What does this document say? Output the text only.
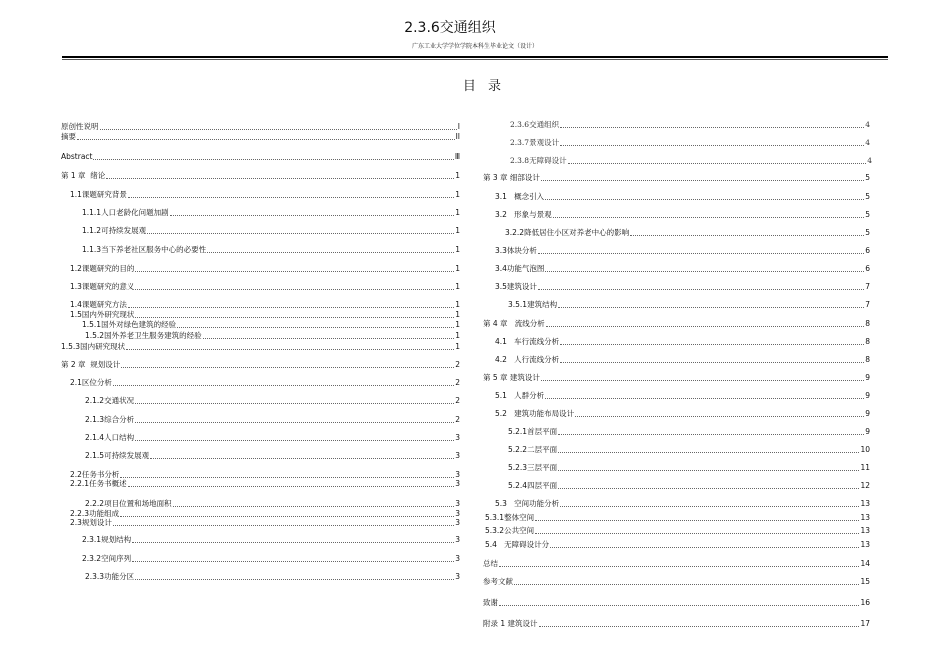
2.3.6交通组织
广东工业大学学位学院本科生毕业论文（设计）
目 录
原创性说明	I
摘要	II
Abstract	Ⅲ
第 1 章  绪论	1
1.1课题研究背景	1
1.1.1人口老龄化问题加剧	1
1.1.2可持续发展观	1
1.1.3当下养老社区服务中心的必要性	1
1.2课题研究的目的	1
1.3课题研究的意义	1
1.4课题研究方法	1
1.5国内外研究现状	1
1.5.1国外对绿色建筑的经验	1
1.5.2国外养老卫生服务建筑的经验	1
1.5.3国内研究现状	1
第 2 章  规划设计	2
2.1区位分析	2
2.1.2交通状况	2
2.1.3综合分析	2
2.1.4人口结构	3
2.1.5可持续发展观	3
2.2任务书分析	3
2.2.1任务书概述	3
2.2.2项目位置和场地面积	3
2.2.3功能组成	3
2.3规划设计	3
2.3.1规划结构	3
2.3.2空间序列	3
2.3.3功能分区	3
2.3.6交通组织	4
2.3.7景观设计	4
2.3.8无障碍设计	4
第 3 章 细部设计	5
3.1   概念引入	5
3.2   形象与景观	5
3.2.2降低居住小区对养老中心的影响	5
3.3体块分析	6
3.4功能气泡图	6
3.5建筑设计	7
3.5.1建筑结构	7
第 4 章   流线分析	8
4.1   车行流线分析	8
4.2   人行流线分析	8
第 5 章 建筑设计	9
5.1   人群分析	9
5.2   建筑功能布局设计	9
5.2.1首层平面	9
5.2.2二层平面	10
5.2.3三层平面	11
5.2.4四层平面	12
5.3   空间功能分析	13
5.3.1整体空间	13
5.3.2公共空间	13
5.4   无障碍设计分	13
总结	14
参考文献	15
致谢	16
附录 1 建筑设计	17
